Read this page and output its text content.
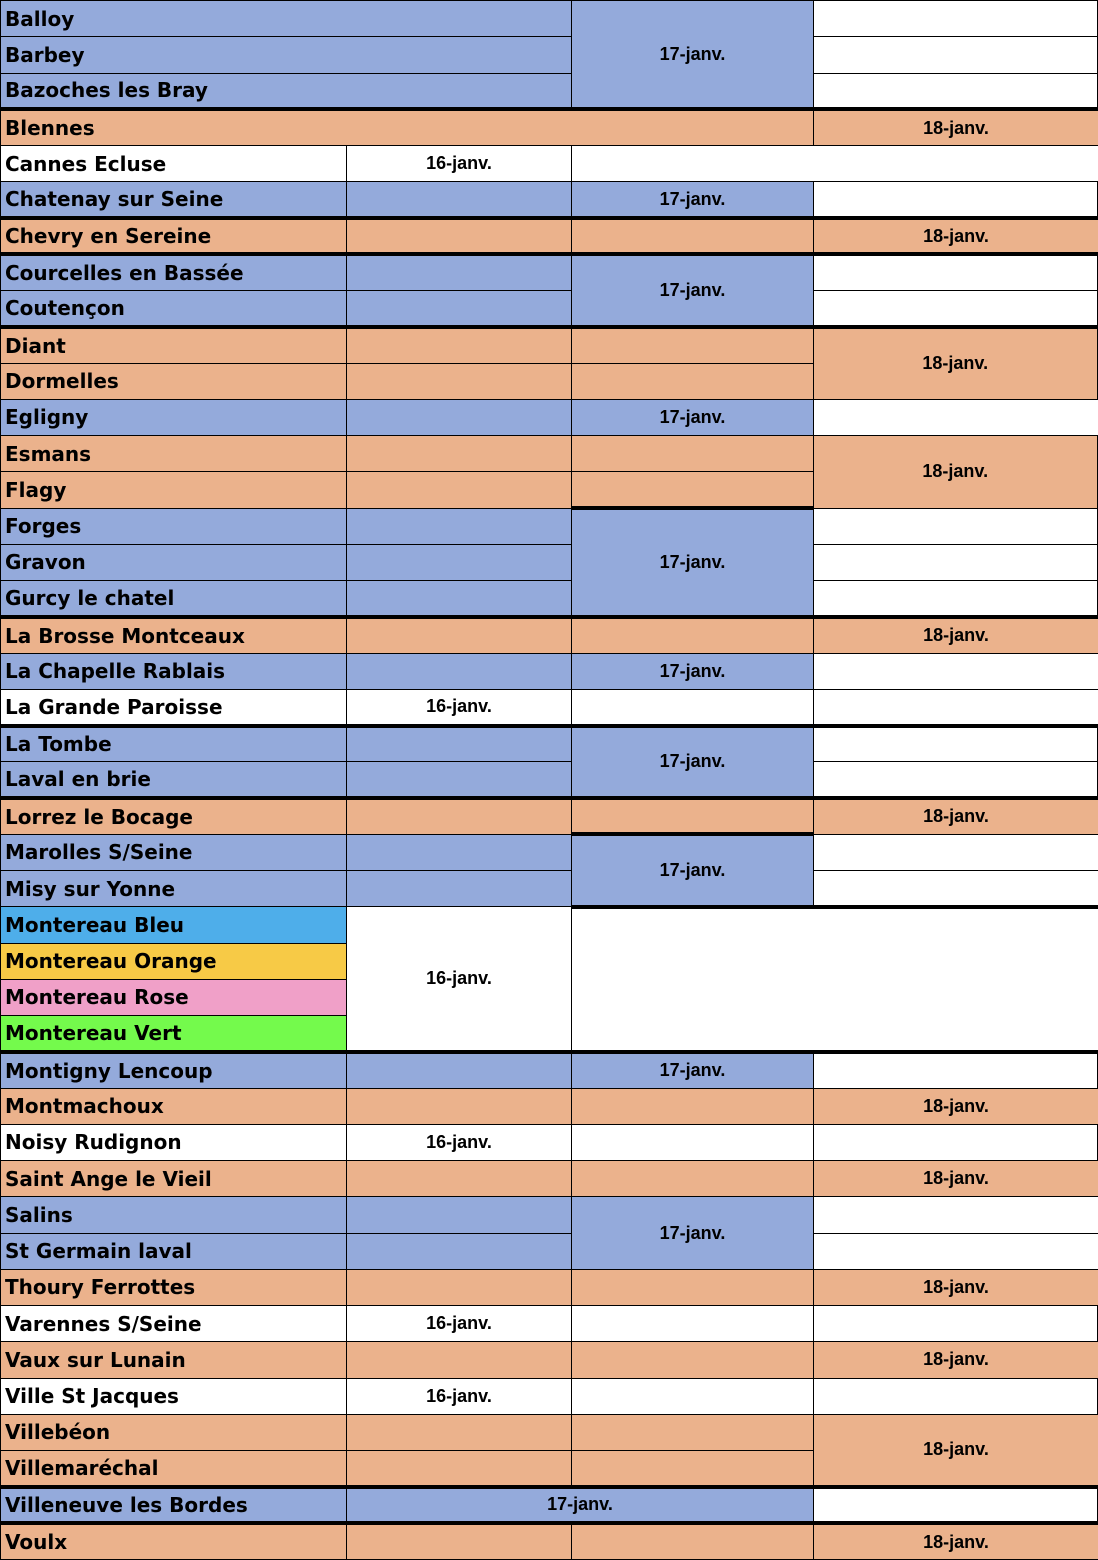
Balloy		17-janv.	
Barbey			
Bazoches les Bray			
Blennes			18-janv.
Cannes Ecluse	16-janv.		
Chatenay sur Seine		17-janv.	
Chevry en Sereine			18-janv.
Courcelles en Bassée		17-janv.	
Coutençon			
Diant			18-janv.
Dormelles			
Egligny		17-janv.	
Esmans			18-janv.
Flagy			
Forges		17-janv.	
Gravon			
Gurcy le chatel			
La Brosse Montceaux			18-janv.
La Chapelle Rablais		17-janv.	
La Grande Paroisse	16-janv.		
La Tombe		17-janv.	
Laval en brie			
Lorrez le Bocage			18-janv.
Marolles S/Seine		17-janv.	
Misy sur Yonne			
Montereau Bleu	16-janv.		
Montereau Orange			
Montereau Rose			
Montereau Vert			
Montigny Lencoup		17-janv.	
Montmachoux			18-janv.
Noisy Rudignon	16-janv.		
Saint Ange le Vieil			18-janv.
Salins		17-janv.	
St Germain laval			
Thoury Ferrottes			18-janv.
Varennes S/Seine	16-janv.		
Vaux sur Lunain			18-janv.
Ville St Jacques	16-janv.		
Villebéon			18-janv.
Villemaréchal			
Villeneuve les Bordes	17-janv.		
Voulx			18-janv.
